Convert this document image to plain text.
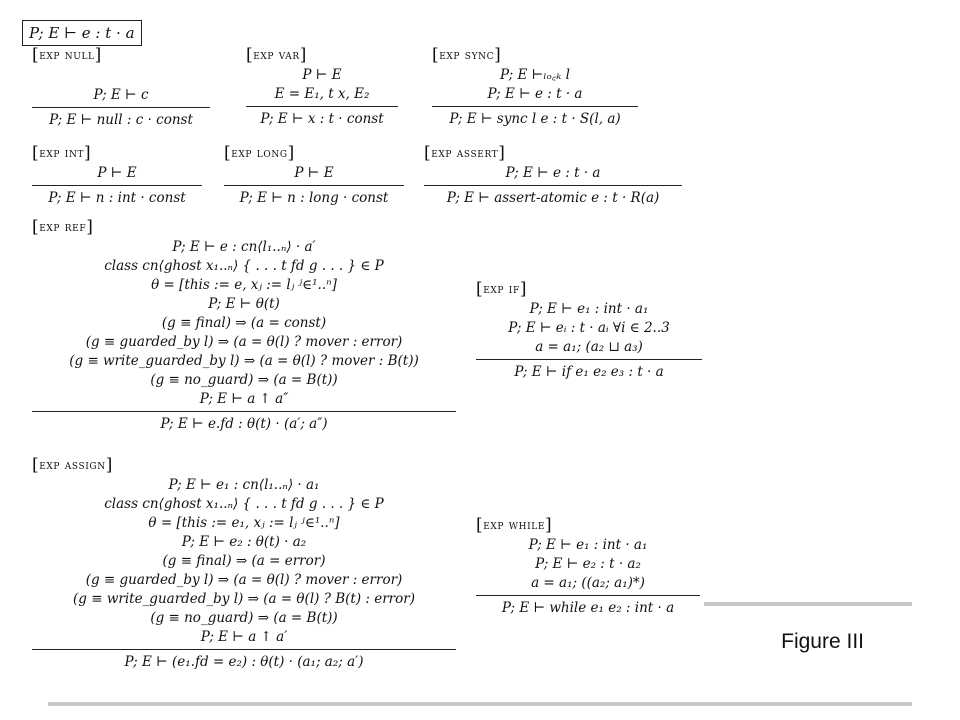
P; E ⊢ e : t · a
[exp null]
P; E ⊢ c
P; E ⊢ null : c · const
[exp var]
P ⊢ E
E = E₁, t x, E₂
P; E ⊢ x : t · const
[exp sync]
P; E ⊢ₗₒ꜀ₖ l
P; E ⊢ e : t · a
P; E ⊢ sync l e : t · S(l, a)
[exp int]
P ⊢ E
P; E ⊢ n : int · const
[exp long]
P ⊢ E
P; E ⊢ n : long · const
[exp assert]
P; E ⊢ e : t · a
P; E ⊢ assert-atomic e : t · R(a)
[exp ref]
P; E ⊢ e : cn⟨l₁..ₙ⟩ · a′
class cn⟨ghost x₁..ₙ⟩ { . . . t fd g . . . } ∈ P
θ = [this := e, xⱼ := lⱼ ʲ∈¹..ⁿ]
P; E ⊢ θ(t)
(g ≡ final) ⇒ (a = const)
(g ≡ guarded_by l) ⇒ (a = θ(l) ? mover : error)
(g ≡ write_guarded_by l) ⇒ (a = θ(l) ? mover : B(t))
(g ≡ no_guard) ⇒ (a = B(t))
P; E ⊢ a ↑ a″
P; E ⊢ e.fd : θ(t) · (a′; a″)
[exp if]
P; E ⊢ e₁ : int · a₁
P; E ⊢ eᵢ : t · aᵢ ∀i ∈ 2..3
a = a₁; (a₂ ⊔ a₃)
P; E ⊢ if e₁ e₂ e₃ : t · a
[exp assign]
P; E ⊢ e₁ : cn⟨l₁..ₙ⟩ · a₁
class cn⟨ghost x₁..ₙ⟩ { . . . t fd g . . . } ∈ P
θ = [this := e₁, xⱼ := lⱼ ʲ∈¹..ⁿ]
P; E ⊢ e₂ : θ(t) · a₂
(g ≡ final) ⇒ (a = error)
(g ≡ guarded_by l) ⇒ (a = θ(l) ? mover : error)
(g ≡ write_guarded_by l) ⇒ (a = θ(l) ? B(t) : error)
(g ≡ no_guard) ⇒ (a = B(t))
P; E ⊢ a ↑ a′
P; E ⊢ (e₁.fd = e₂) : θ(t) · (a₁; a₂; a′)
[exp while]
P; E ⊢ e₁ : int · a₁
P; E ⊢ e₂ : t · a₂
a = a₁; ((a₂; a₁)*)
P; E ⊢ while e₁ e₂ : int · a
Figure III
